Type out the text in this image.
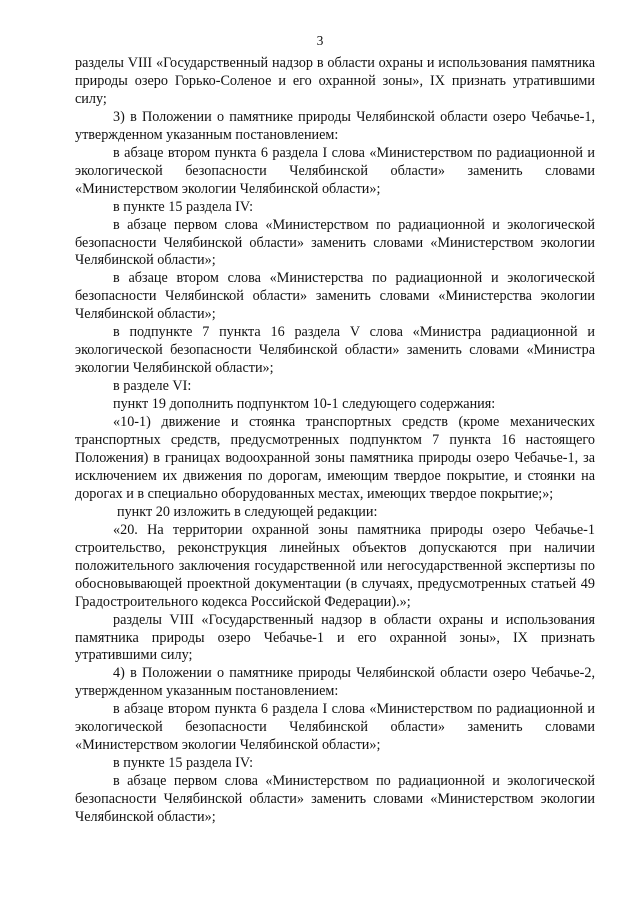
3

разделы VIII «Государственный надзор в области охраны и использования памятника природы озеро Горько-Соленое и его охранной зоны», IX признать утратившими силу;

3) в Положении о памятнике природы Челябинской области озеро Чебачье-1, утвержденном указанным постановлением:

в абзаце втором пункта 6 раздела I слова «Министерством по радиационной и экологической безопасности Челябинской области» заменить словами «Министерством экологии Челябинской области»;

в пункте 15 раздела IV:

в абзаце первом слова «Министерством по радиационной и экологической безопасности Челябинской области» заменить словами «Министерством экологии Челябинской области»;

в абзаце втором слова «Министерства по радиационной и экологической безопасности Челябинской области» заменить словами «Министерства экологии Челябинской области»;

в подпункте 7 пункта 16 раздела V слова «Министра радиационной и экологической безопасности Челябинской области» заменить словами «Министра экологии Челябинской области»;

в разделе VI:

пункт 19 дополнить подпунктом 10-1 следующего содержания:

«10-1) движение и стоянка транспортных средств (кроме механических транспортных средств, предусмотренных подпунктом 7 пункта 16 настоящего Положения) в границах водоохранной зоны памятника природы озеро Чебачье-1, за исключением их движения по дорогам, имеющим твердое покрытие, и стоянки на дорогах и в специально оборудованных местах, имеющих твердое покрытие;»;

пункт 20 изложить в следующей редакции:

«20. На территории охранной зоны памятника природы озеро Чебачье-1 строительство, реконструкция линейных объектов допускаются при наличии положительного заключения государственной или негосударственной экспертизы по обосновывающей проектной документации (в случаях, предусмотренных статьей 49 Градостроительного кодекса Российской Федерации).»;

разделы VIII «Государственный надзор в области охраны и использования памятника природы озеро Чебачье-1 и его охранной зоны», IX признать утратившими силу;

4) в Положении о памятнике природы Челябинской области озеро Чебачье-2, утвержденном указанным постановлением:

в абзаце втором пункта 6 раздела I слова «Министерством по радиационной и экологической безопасности Челябинской области» заменить словами «Министерством экологии Челябинской области»;

в пункте 15 раздела IV:

в абзаце первом слова «Министерством по радиационной и экологической безопасности Челябинской области» заменить словами «Министерством экологии Челябинской области»;
